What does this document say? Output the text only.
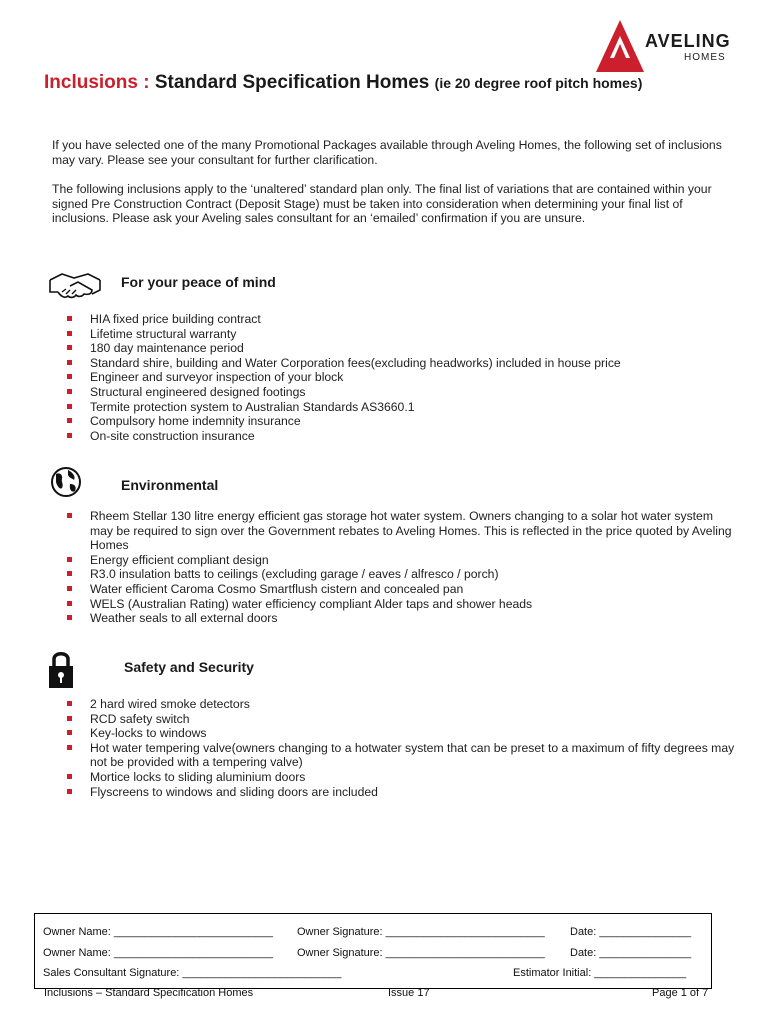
AVELING
HOMES
Inclusions : Standard Specification Homes (ie 20 degree roof pitch homes)

If you have selected one of the many Promotional Packages available through Aveling Homes, the following set of inclusions may vary. Please see your consultant for further clarification.

The following inclusions apply to the ‘unaltered’ standard plan only. The final list of variations that are contained within your signed Pre Construction Contract (Deposit Stage) must be taken into consideration when determining your final list of inclusions. Please ask your Aveling sales consultant for an ‘emailed’ confirmation if you are unsure.

For your peace of mind
HIA fixed price building contract
Lifetime structural warranty
180 day maintenance period
Standard shire, building and Water Corporation fees(excluding headworks) included in house price
Engineer and surveyor inspection of your block
Structural engineered designed footings
Termite protection system to Australian Standards AS3660.1
Compulsory home indemnity insurance
On-site construction insurance
Environmental
Rheem Stellar 130 litre energy efficient gas storage hot water system. Owners changing to a solar hot water system may be required to sign over the Government rebates to Aveling Homes. This is reflected in the price quoted by Aveling Homes
Energy efficient compliant design
R3.0 insulation batts to ceilings (excluding garage / eaves / alfresco / porch)
Water efficient Caroma Cosmo Smartflush cistern and concealed pan
WELS (Australian Rating) water efficiency compliant Alder taps and shower heads
Weather seals to all external doors
Safety and Security
2 hard wired smoke detectors
RCD safety switch
Key-locks to windows
Hot water tempering valve(owners changing to a hotwater system that can be preset to a maximum of fifty degrees may not be provided with a tempering valve)
Mortice locks to sliding aluminium doors
Flyscreens to windows and sliding doors are included
Owner Name: __________________________ Owner Signature: __________________________ Date: _______________
Owner Name: __________________________ Owner Signature: __________________________ Date: _______________
Sales Consultant Signature: __________________________	Estimator Initial: _______________
Inclusions – Standard Specification Homes	Issue 17	Page 1 of 7
